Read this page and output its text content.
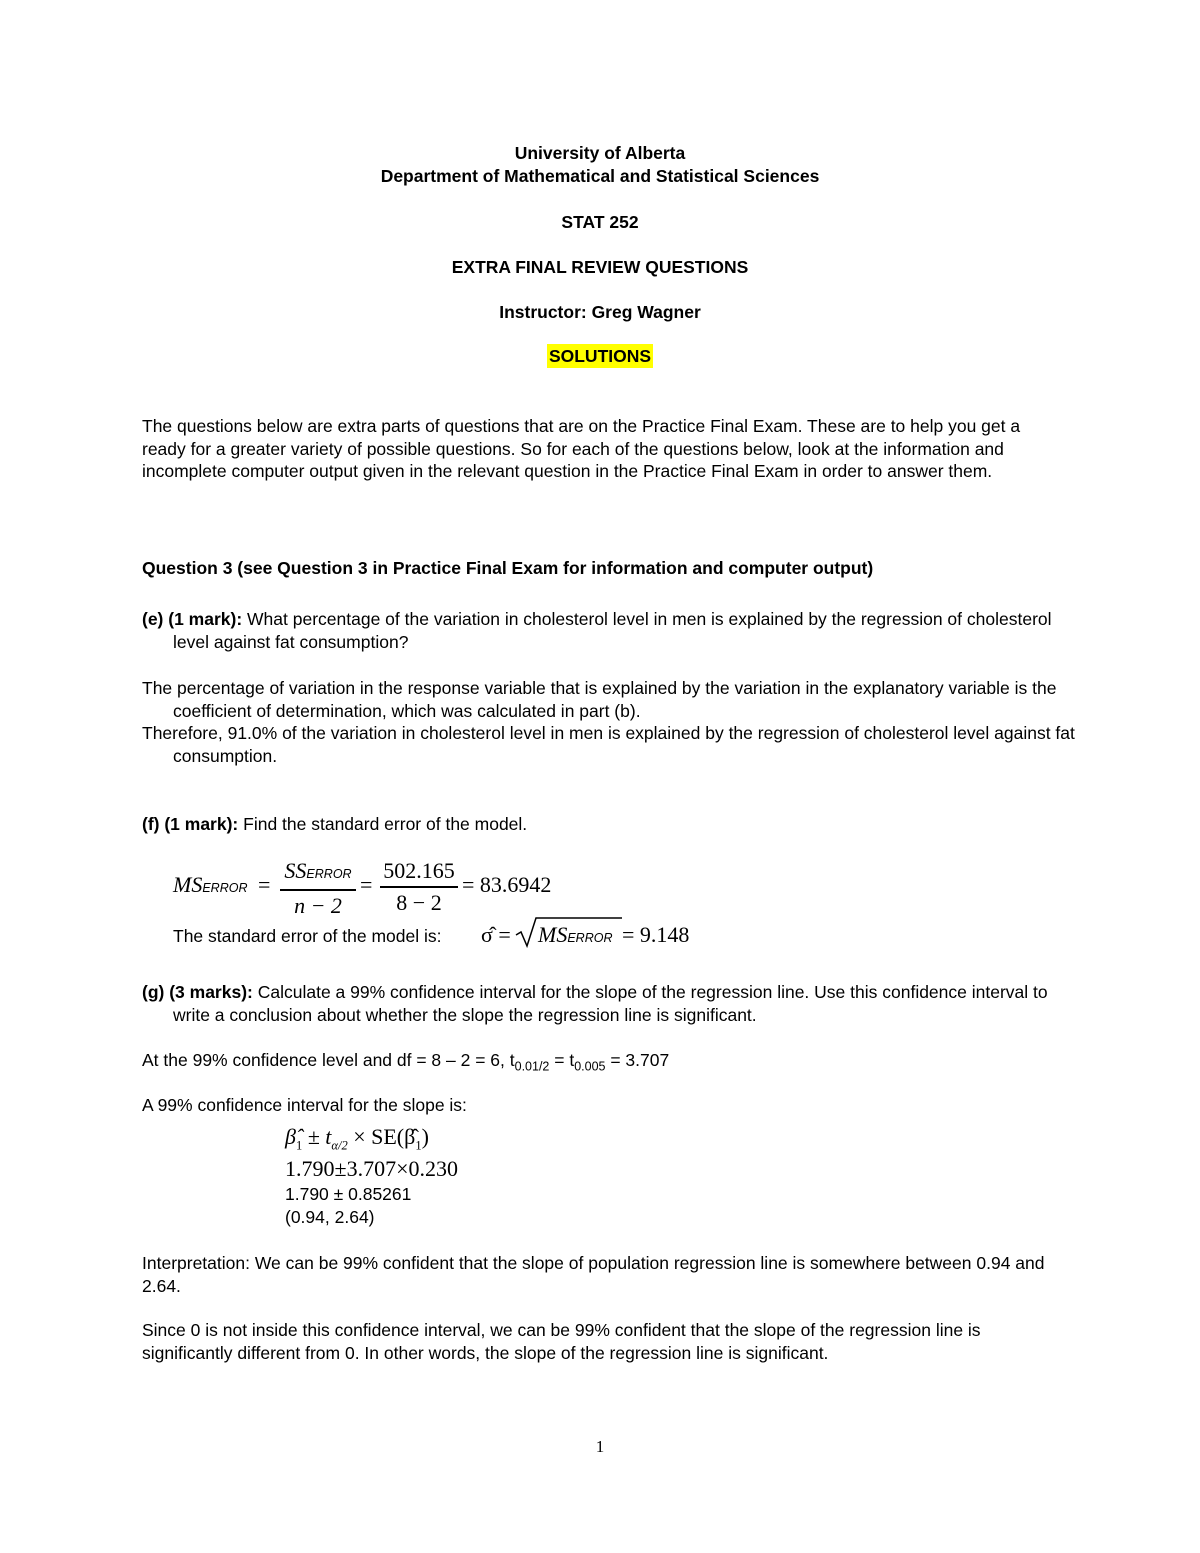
University of Alberta
Department of Mathematical and Statistical Sciences
STAT 252
EXTRA FINAL REVIEW QUESTIONS
Instructor: Greg Wagner
SOLUTIONS
The questions below are extra parts of questions that are on the Practice Final Exam. These are to help you get a ready for a greater variety of possible questions. So for each of the questions below, look at the information and incomplete computer output given in the relevant question in the Practice Final Exam in order to answer them.
Question 3 (see Question 3 in Practice Final Exam for information and computer output)
(e) (1 mark): What percentage of the variation in cholesterol level in men is explained by the regression of cholesterol level against fat consumption?
The percentage of variation in the response variable that is explained by the variation in the explanatory variable is the coefficient of determination, which was calculated in part (b).
Therefore, 91.0% of the variation in cholesterol level in men is explained by the regression of cholesterol level against fat consumption.
(f) (1 mark): Find the standard error of the model.
MSERROR =
SSERROR
n − 2
=
502.165
8 − 2
= 83.6942
The standard error of the model is: σ̂ = MSERROR = 9.148
(g) (3 marks): Calculate a 99% confidence interval for the slope of the regression line. Use this confidence interval to write a conclusion about whether the slope the regression line is significant.
At the 99% confidence level and df = 8 – 2 = 6, $t_{0.01/2} = t_{0.005} = 3.707$
A 99% confidence interval for the slope is:
$\betâ_1 \pm t_{\alpha/2}$ × $SE(\betâ_1)$
1.790±3.707×0.230
1.790 ± 0.85261
(0.94, 2.64)
Interpretation: We can be 99% confident that the slope of population regression line is somewhere between 0.94 and 2.64.
Since 0 is not inside this confidence interval, we can be 99% confident that the slope of the regression line is significantly different from 0. In other words, the slope of the regression line is significant.
1
